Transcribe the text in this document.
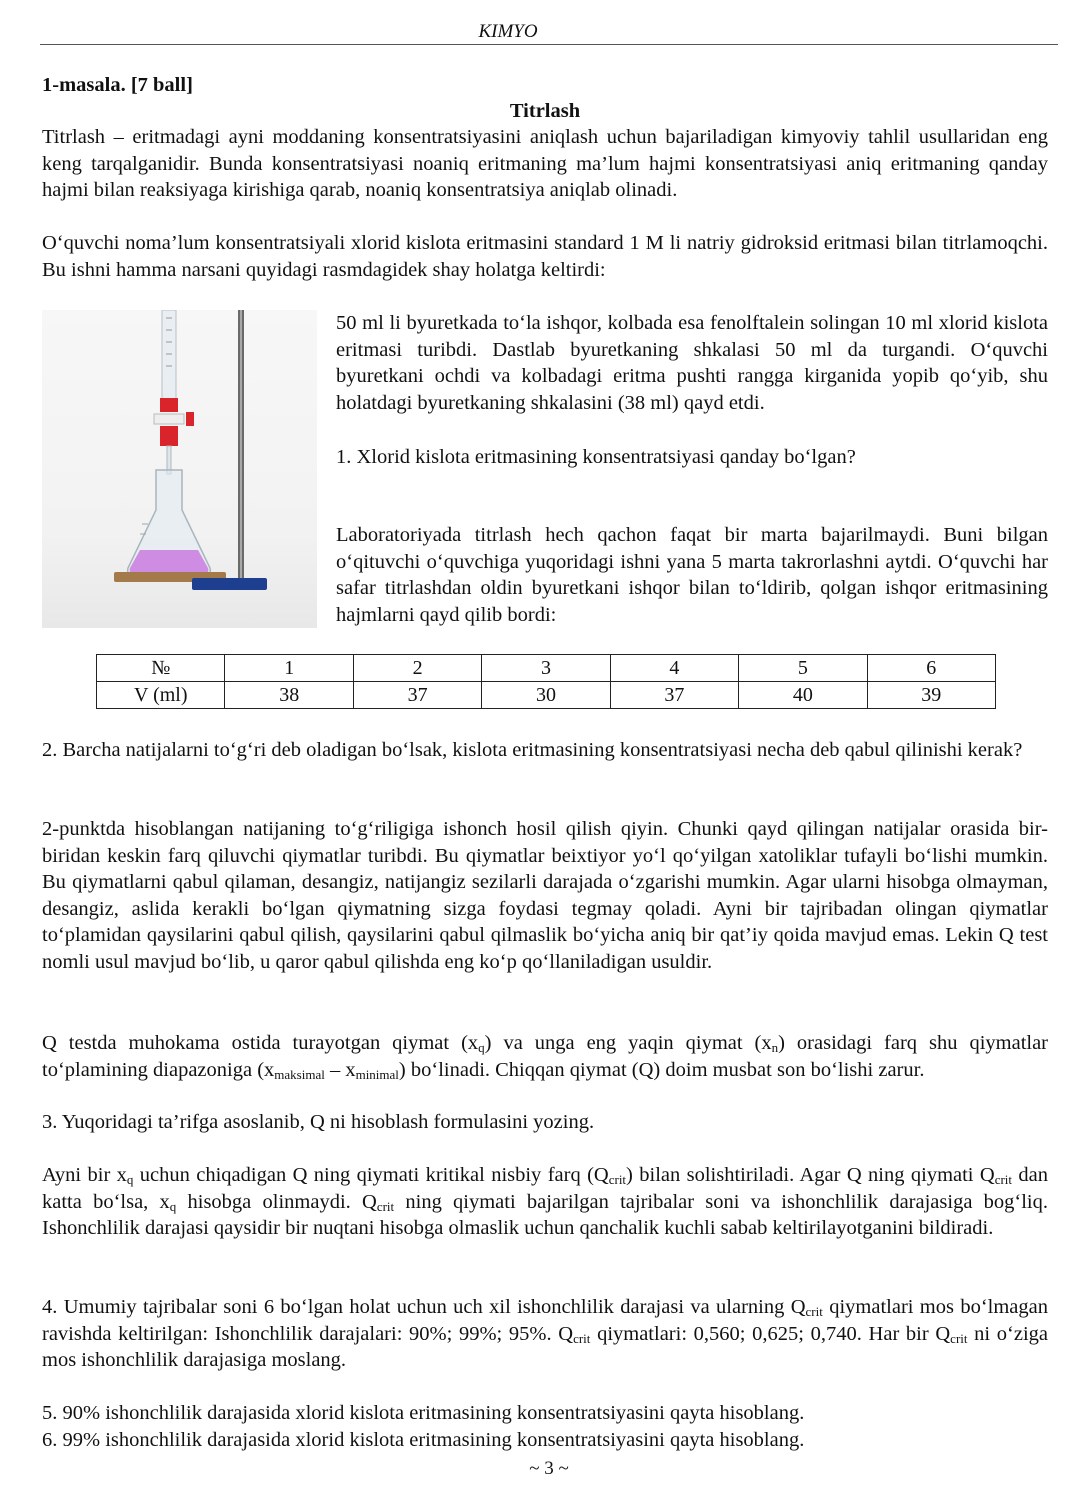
KIMYO
1-masala. [7 ball]
Titrlash
Titrlash – eritmadagi ayni moddaning konsentratsiyasini aniqlash uchun bajariladigan kimyoviy tahlil usullaridan eng keng tarqalganidir. Bunda konsentratsiyasi noaniq eritmaning ma’lum hajmi konsentratsiyasi aniq eritmaning qanday hajmi bilan reaksiyaga kirishiga qarab, noaniq konsentratsiya aniqlab olinadi.
O‘quvchi noma’lum konsentratsiyali xlorid kislota eritmasini standard 1 M li natriy gidroksid eritmasi bilan titrlamoqchi. Bu ishni hamma narsani quyidagi rasmdagidek shay holatga keltirdi:
50 ml li byuretkada to‘la ishqor, kolbada esa fenolftalein solingan 10 ml xlorid kislota eritmasi turibdi. Dastlab byuretkaning shkalasi 50 ml da turgandi. O‘quvchi byuretkani ochdi va kolbadagi eritma pushti rangga kirganida yopib qo‘yib, shu holatdagi byuretkaning shkalasini (38 ml) qayd etdi.
1. Xlorid kislota eritmasining konsentratsiyasi qanday bo‘lgan?
Laboratoriyada titrlash hech qachon faqat bir marta bajarilmaydi. Buni bilgan o‘qituvchi o‘quvchiga yuqoridagi ishni yana 5 marta takrorlashni aytdi. O‘quvchi har safar titrlashdan oldin byuretkani ishqor bilan to‘ldirib, qolgan ishqor eritmasining hajmlarni qayd qilib bordi:
№	1	2	3	4	5	6
V (ml)	38	37	30	37	40	39
2. Barcha natijalarni to‘g‘ri deb oladigan bo‘lsak, kislota eritmasining konsentratsiyasi necha deb qabul qilinishi kerak?
2-punktda hisoblangan natijaning to‘g‘riligiga ishonch hosil qilish qiyin. Chunki qayd qilingan natijalar orasida bir-biridan keskin farq qiluvchi qiymatlar turibdi. Bu qiymatlar beixtiyor yo‘l qo‘yilgan xatoliklar tufayli bo‘lishi mumkin. Bu qiymatlarni qabul qilaman, desangiz, natijangiz sezilarli darajada o‘zgarishi mumkin. Agar ularni hisobga olmayman, desangiz, aslida kerakli bo‘lgan qiymatning sizga foydasi tegmay qoladi. Ayni bir tajribadan olingan qiymatlar to‘plamidan qaysilarini qabul qilish, qaysilarini qabul qilmaslik bo‘yicha aniq bir qat’iy qoida mavjud emas. Lekin Q test nomli usul mavjud bo‘lib, u qaror qabul qilishda eng ko‘p qo‘llaniladigan usuldir.
Q testda muhokama ostida turayotgan qiymat $(x_q)$ va unga eng yaqin qiymat $(x_n)$ orasidagi farq shu qiymatlar to‘plamining diapazoniga $(x_{maksimal} - x_{minimal})$ bo‘linadi. Chiqqan qiymat (Q) doim musbat son bo‘lishi zarur.
3. Yuqoridagi ta’rifga asoslanib, Q ni hisoblash formulasini yozing.
Ayni bir $x_q$ uchun chiqadigan Q ning qiymati kritikal nisbiy farq $(Q_{crit})$ bilan solishtiriladi. Agar Q ning qiymati $Q_{crit}$ dan katta bo‘lsa, $x_q$ hisobga olinmaydi. $Q_{crit}$ ning qiymati bajarilgan tajribalar soni va ishonchlilik darajasiga bog‘liq. Ishonchlilik darajasi qaysidir bir nuqtani hisobga olmaslik uchun qanchalik kuchli sabab keltirilayotganini bildiradi.
4. Umumiy tajribalar soni 6 bo‘lgan holat uchun uch xil ishonchlilik darajasi va ularning $Q_{crit}$ qiymatlari mos bo‘lmagan ravishda keltirilgan: Ishonchlilik darajalari: 90%; 99%; 95%. $Q_{crit}$ qiymatlari: 0,560; 0,625; 0,740. Har bir $Q_{crit}$ ni o‘ziga mos ishonchlilik darajasiga moslang.
5. 90% ishonchlilik darajasida xlorid kislota eritmasining konsentratsiyasini qayta hisoblang.
6. 99% ishonchlilik darajasida xlorid kislota eritmasining konsentratsiyasini qayta hisoblang.
~ 3 ~
